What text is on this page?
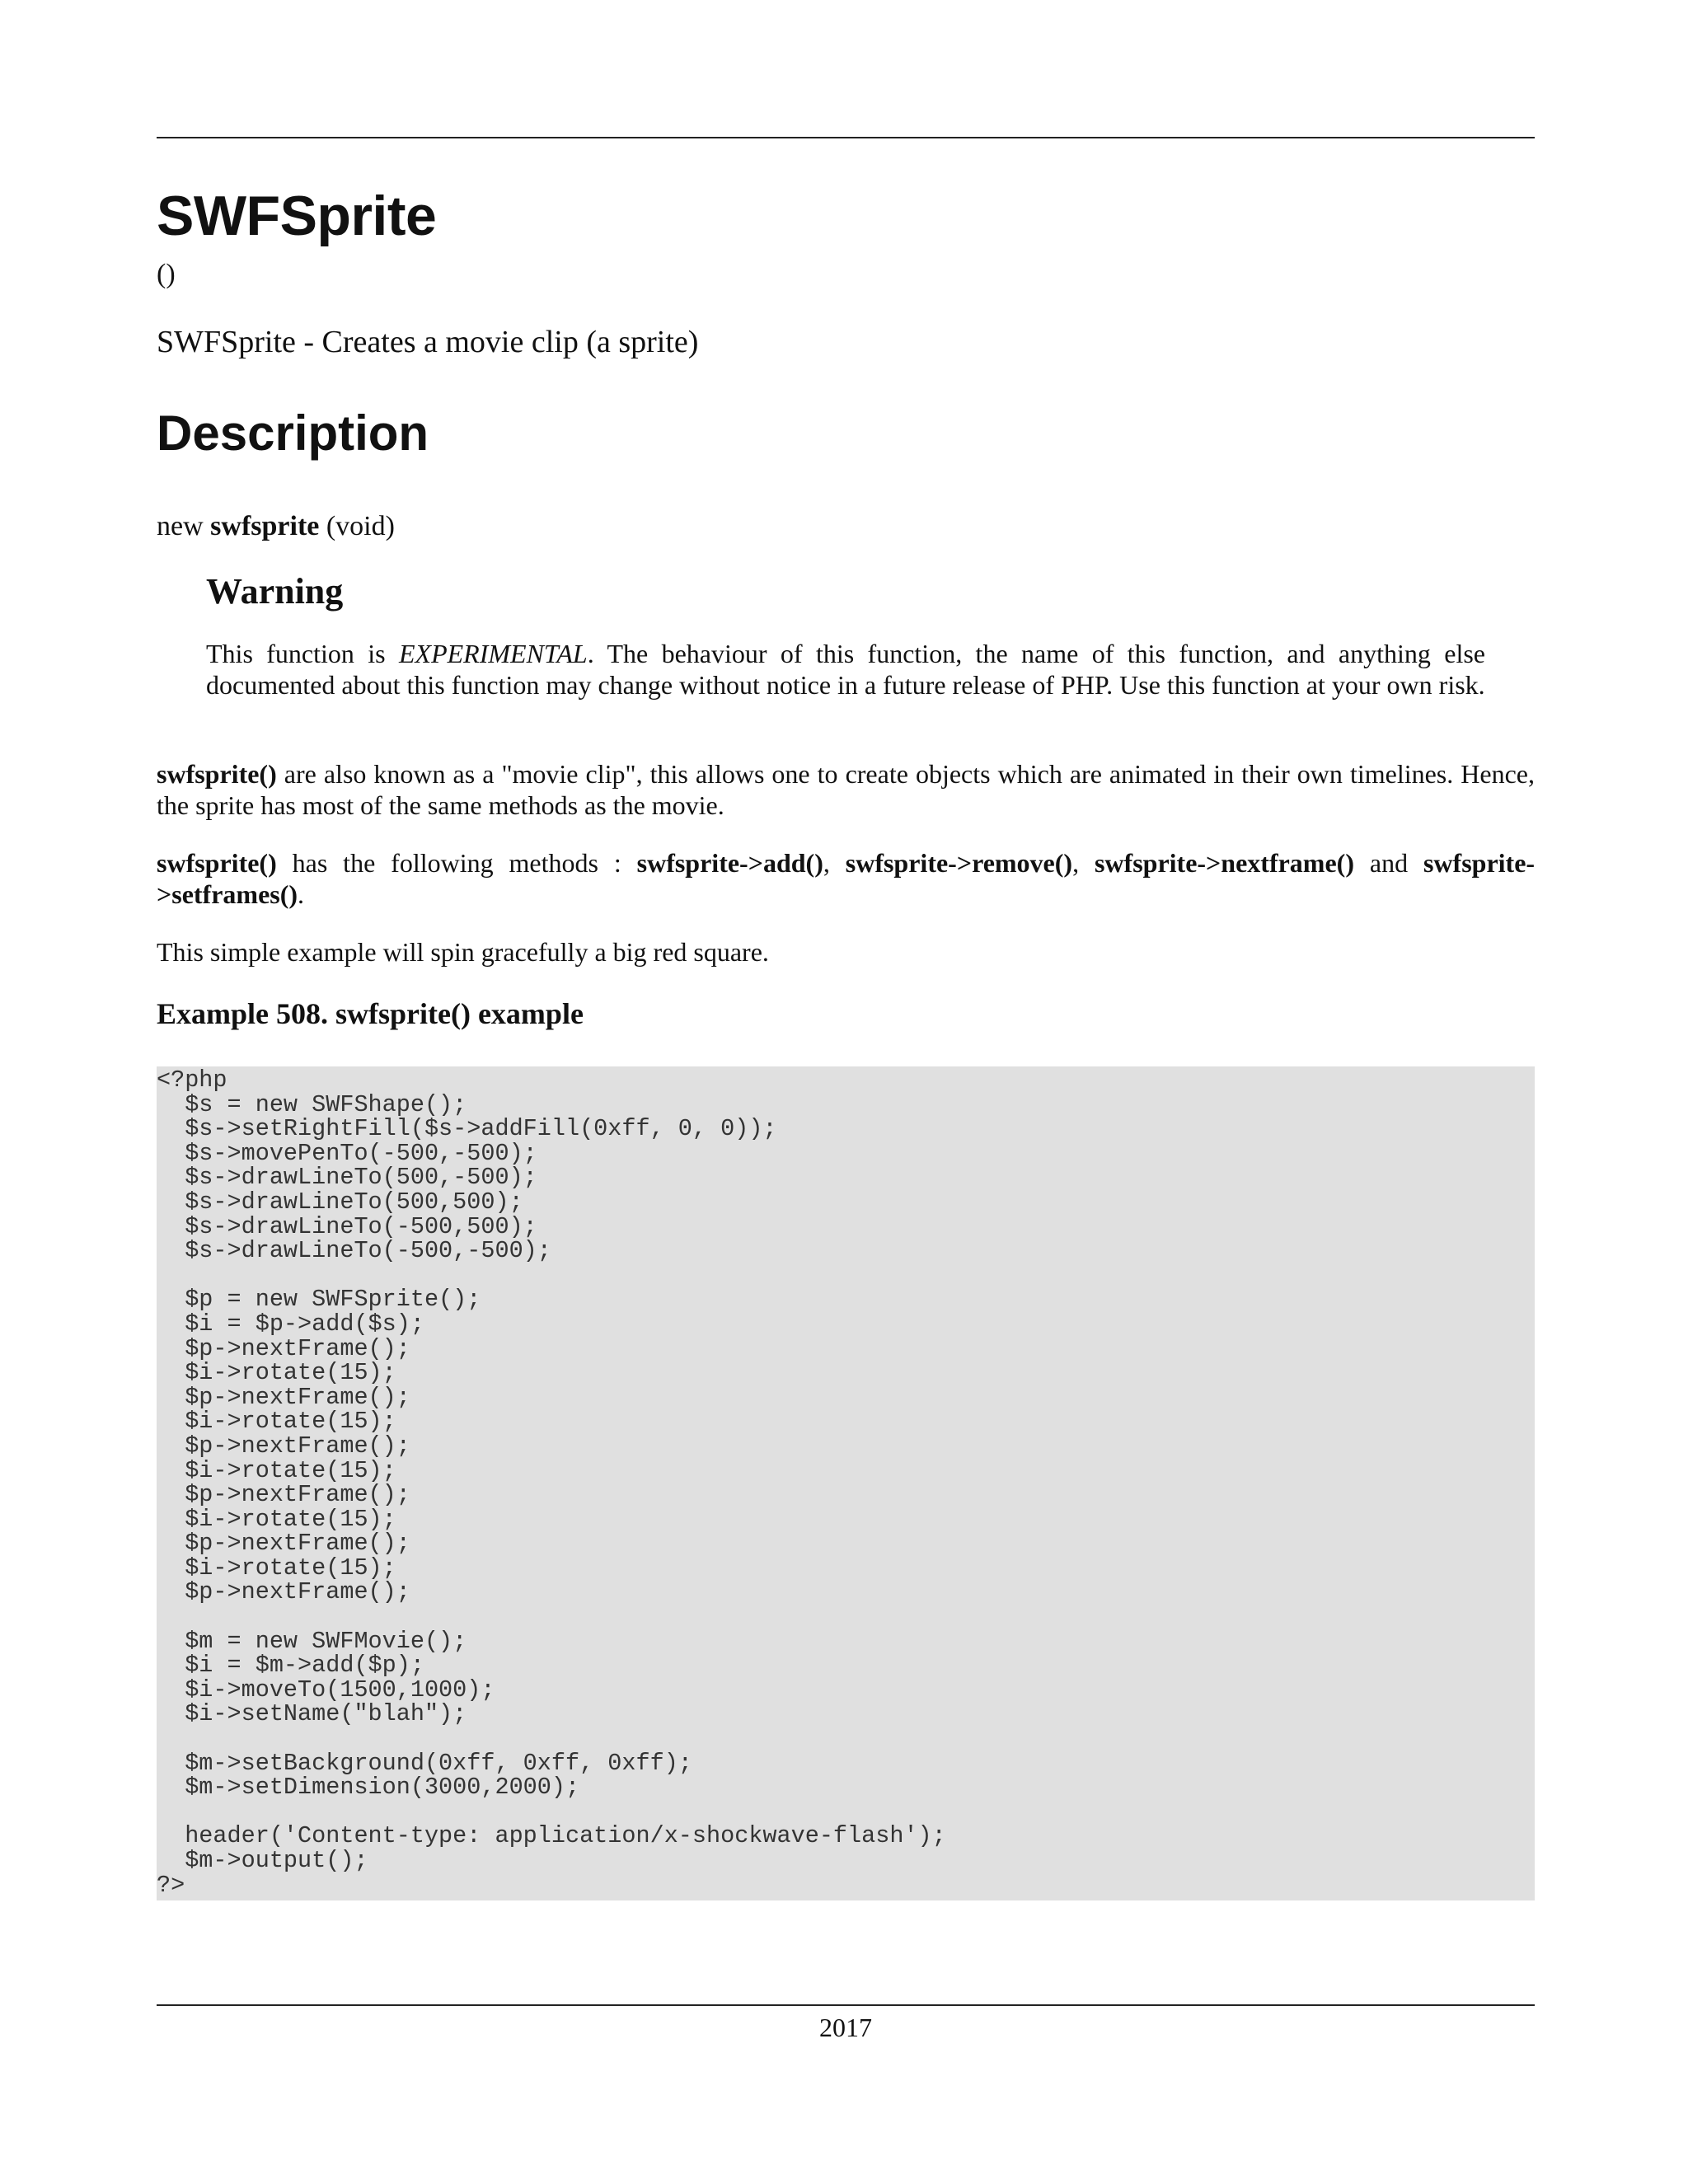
SWFSprite
()
SWFSprite - Creates a movie clip (a sprite)
Description
new swfsprite (void)
Warning

This function is EXPERIMENTAL. The behaviour of this function, the name of this function, and anything else documented about this function may change without notice in a future release of PHP. Use this function at your own risk.

swfsprite() are also known as a "movie clip", this allows one to create objects which are animated in their own timelines. Hence, the sprite has most of the same methods as the movie.

swfsprite() has the following methods : swfsprite->add(), swfsprite->remove(), swfsprite->nextframe() and swfsprite->setframes().

This simple example will spin gracefully a big red square.

Example 508. swfsprite() example
<?php
$s = new SWFShape();
$s->setRightFill($s->addFill(0xff, 0, 0));
$s->movePenTo(-500,-500);
$s->drawLineTo(500,-500);
$s->drawLineTo(500,500);
$s->drawLineTo(-500,500);
$s->drawLineTo(-500,-500);

$p = new SWFSprite();
$i = $p->add($s);
$p->nextFrame();
$i->rotate(15);
$p->nextFrame();
$i->rotate(15);
$p->nextFrame();
$i->rotate(15);
$p->nextFrame();
$i->rotate(15);
$p->nextFrame();
$i->rotate(15);
$p->nextFrame();

$m = new SWFMovie();
$i = $m->add($p);
$i->moveTo(1500,1000);
$i->setName("blah");

$m->setBackground(0xff, 0xff, 0xff);
$m->setDimension(3000,2000);

header('Content-type: application/x-shockwave-flash');
$m->output();
?>
2017
